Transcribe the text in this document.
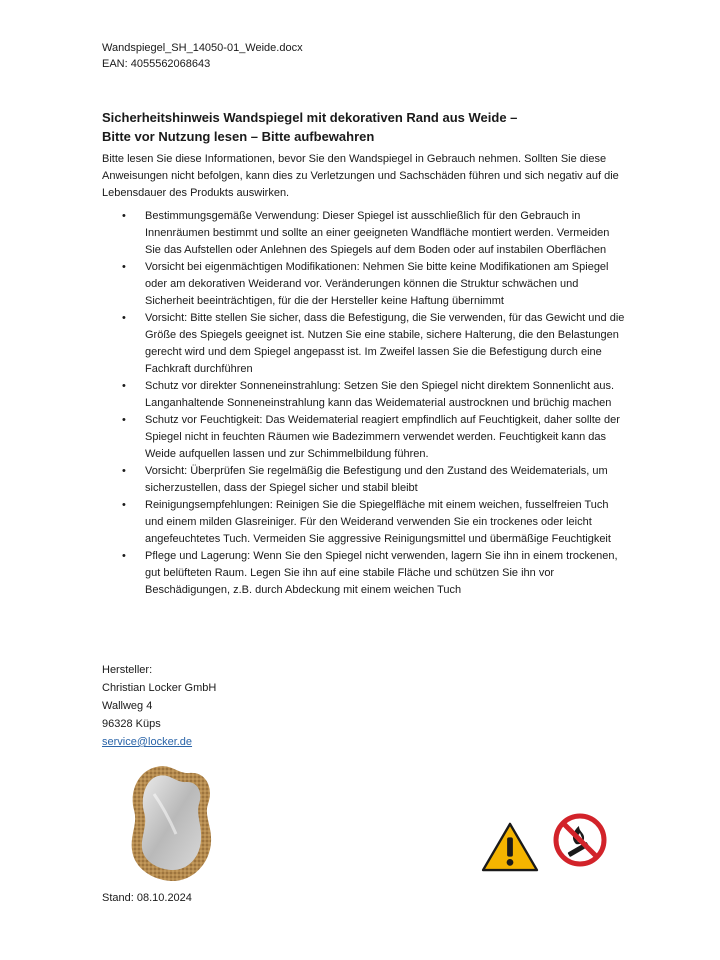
Wandspiegel_SH_14050-01_Weide.docx
EAN: 4055562068643
Sicherheitshinweis Wandspiegel mit dekorativen Rand aus Weide –
Bitte vor Nutzung lesen – Bitte aufbewahren
Bitte lesen Sie diese Informationen, bevor Sie den Wandspiegel in Gebrauch nehmen. Sollten Sie diese Anweisungen nicht befolgen, kann dies zu Verletzungen und Sachschäden führen und sich negativ auf die Lebensdauer des Produkts auswirken.
• Bestimmungsgemäße Verwendung: Dieser Spiegel ist ausschließlich für den Gebrauch in Innenräumen bestimmt und sollte an einer geeigneten Wandfläche montiert werden. Vermeiden Sie das Aufstellen oder Anlehnen des Spiegels auf dem Boden oder auf instabilen Oberflächen
• Vorsicht bei eigenmächtigen Modifikationen: Nehmen Sie bitte keine Modifikationen am Spiegel oder am dekorativen Weiderand vor. Veränderungen können die Struktur schwächen und Sicherheit beeinträchtigen, für die der Hersteller keine Haftung übernimmt
• Vorsicht: Bitte stellen Sie sicher, dass die Befestigung, die Sie verwenden, für das Gewicht und die Größe des Spiegels geeignet ist. Nutzen Sie eine stabile, sichere Halterung, die den Belastungen gerecht wird und dem Spiegel angepasst ist. Im Zweifel lassen Sie die Befestigung durch eine Fachkraft durchführen
• Schutz vor direkter Sonneneinstrahlung: Setzen Sie den Spiegel nicht direktem Sonnenlicht aus. Langanhaltende Sonneneinstrahlung kann das Weidematerial austrocknen und brüchig machen
• Schutz vor Feuchtigkeit: Das Weidematerial reagiert empfindlich auf Feuchtigkeit, daher sollte der Spiegel nicht in feuchten Räumen wie Badezimmern verwendet werden. Feuchtigkeit kann das Weide aufquellen lassen und zur Schimmelbildung führen.
• Vorsicht: Überprüfen Sie regelmäßig die Befestigung und den Zustand des Weidematerials, um sicherzustellen, dass der Spiegel sicher und stabil bleibt
• Reinigungsempfehlungen: Reinigen Sie die Spiegelfläche mit einem weichen, fusselfreien Tuch und einem milden Glasreiniger. Für den Weiderand verwenden Sie ein trockenes oder leicht angefeuchtetes Tuch. Vermeiden Sie aggressive Reinigungsmittel und übermäßige Feuchtigkeit
• Pflege und Lagerung: Wenn Sie den Spiegel nicht verwenden, lagern Sie ihn in einem trockenen, gut belüfteten Raum. Legen Sie ihn auf eine stabile Fläche und schützen Sie ihn vor Beschädigungen, z.B. durch Abdeckung mit einem weichen Tuch
Hersteller:
Christian Locker GmbH
Wallweg 4
96328 Küps
service@locker.de
Stand: 08.10.2024
